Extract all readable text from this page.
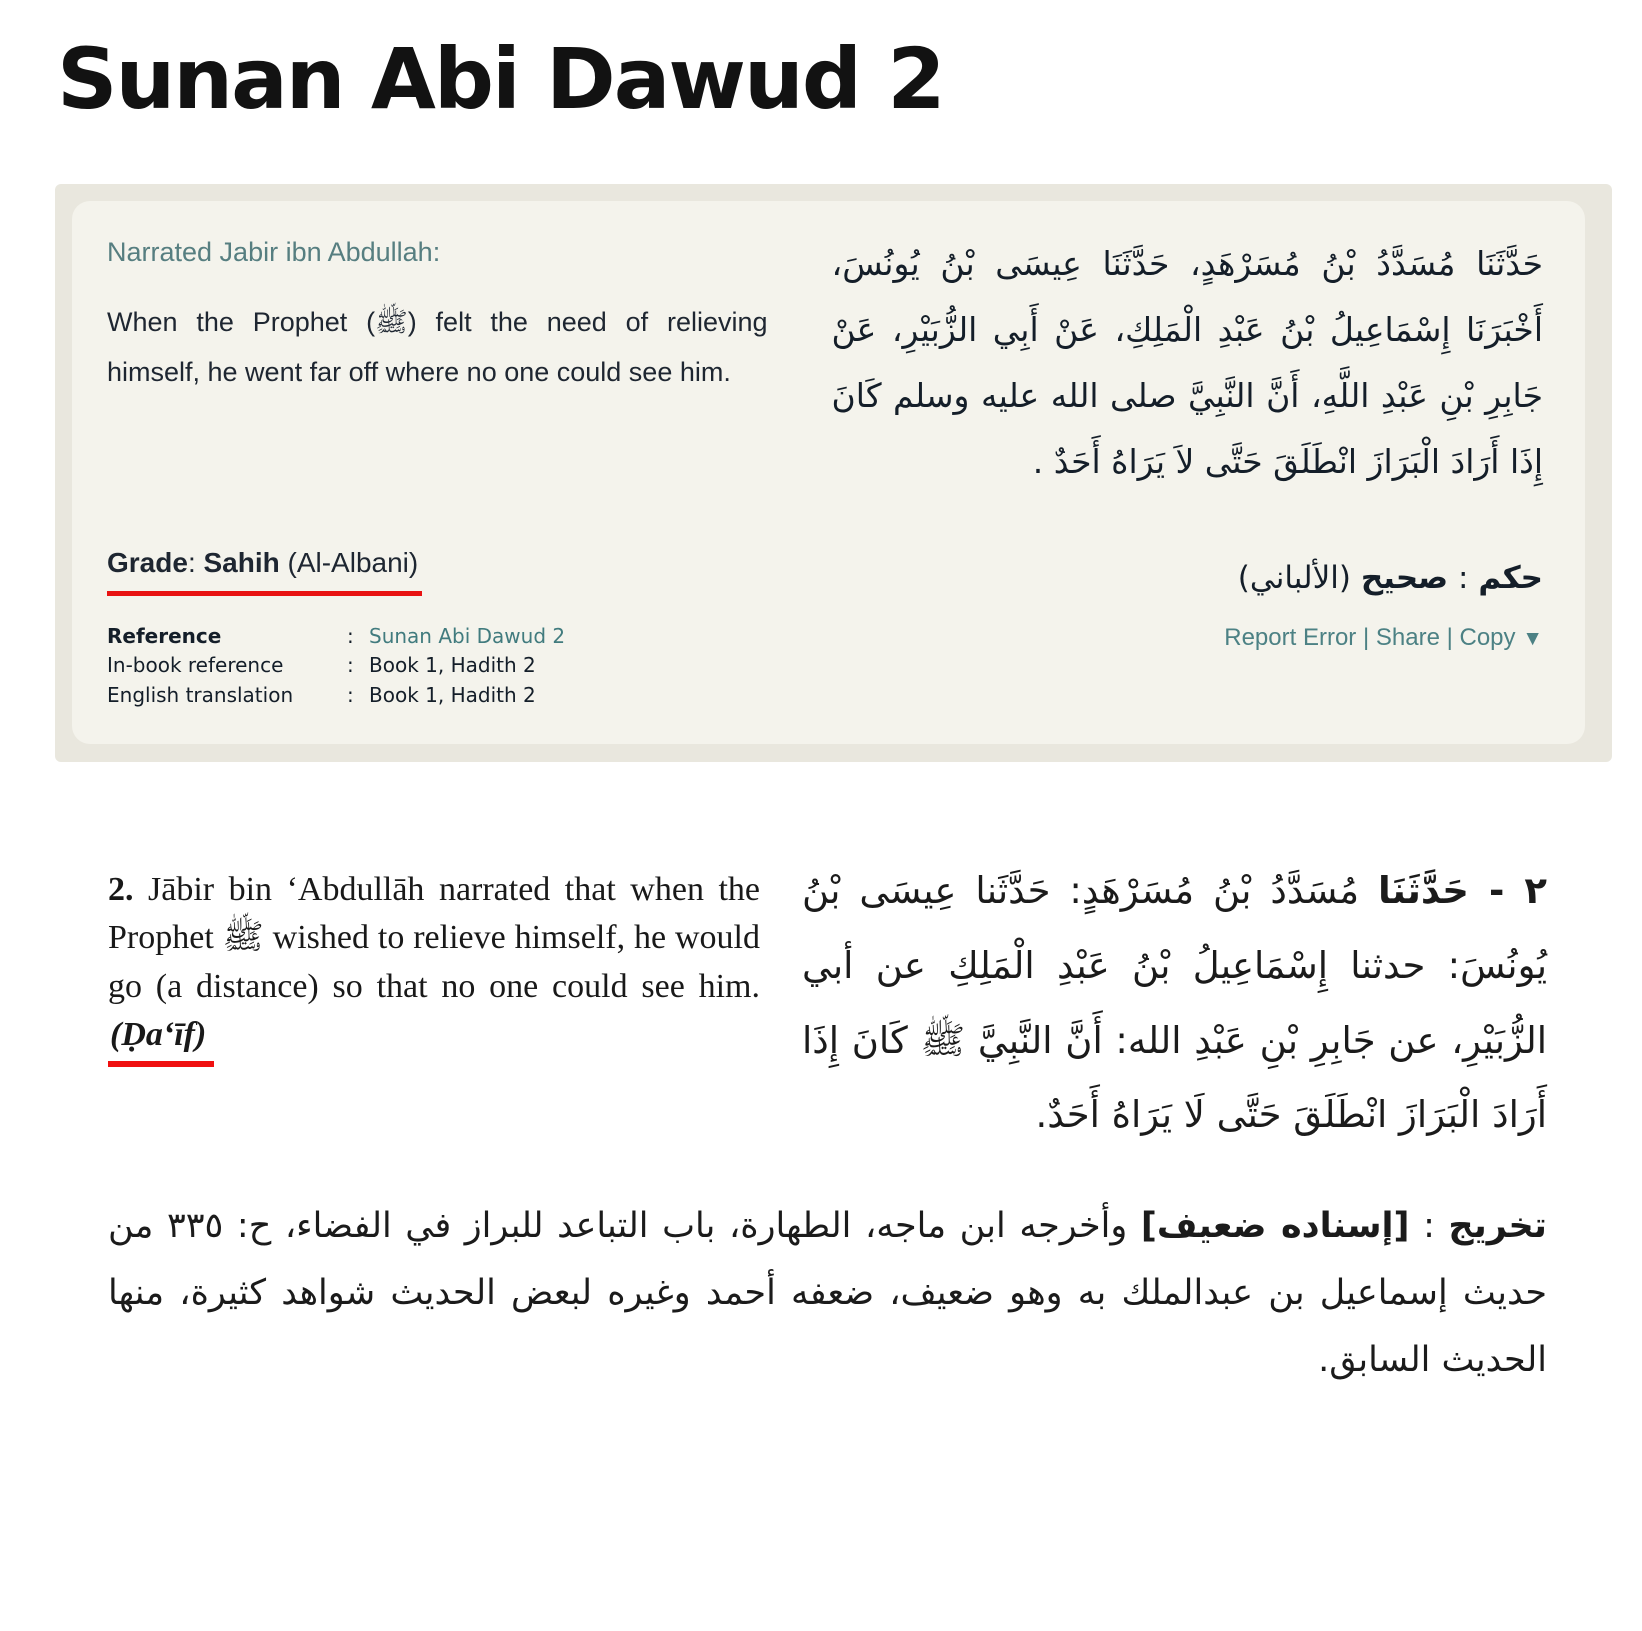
Sunan Abi Dawud 2
Narrated Jabir ibn Abdullah:
When the Prophet (ﷺ) felt the need of relieving himself, he went far off where no one could see him.
حَدَّثَنَا مُسَدَّدُ بْنُ مُسَرْهَدٍ، حَدَّثَنَا عِيسَى بْنُ يُونُسَ، أَخْبَرَنَا إِسْمَاعِيلُ بْنُ عَبْدِ الْمَلِكِ، عَنْ أَبِي الزُّبَيْرِ، عَنْ جَابِرِ بْنِ عَبْدِ اللَّهِ، أَنَّ النَّبِيَّ صلى الله عليه وسلم كَانَ إِذَا أَرَادَ الْبَرَازَ انْطَلَقَ حَتَّى لاَ يَرَاهُ أَحَدٌ .
Grade: Sahih (Al-Albani)	حكم : صحيح (الألباني)
Reference	: Sunan Abi Dawud 2
In-book reference	: Book 1, Hadith 2
English translation	: Book 1, Hadith 2
Report Error | Share | Copy ▼
2. Jābir bin ‘Abdullāh narrated that when the Prophet ﷺ wished to relieve himself, he would go (a distance) so that no one could see him. (Ḍa‘īf)
٢ - حَدَّثَنَا مُسَدَّدُ بْنُ مُسَرْهَدٍ: حَدَّثَنا عِيسَى بْنُ يُونُسَ: حدثنا إِسْمَاعِيلُ بْنُ عَبْدِ الْمَلِكِ عن أبي الزُّبَيْرِ، عن جَابِرِ بْنِ عَبْدِ الله: أَنَّ النَّبِيَّ ﷺ كَانَ إِذَا أَرَادَ الْبَرَازَ انْطَلَقَ حَتَّى لَا يَرَاهُ أَحَدٌ.
تخريج : [إسناده ضعيف] وأخرجه ابن ماجه، الطهارة، باب التباعد للبراز في الفضاء، ح: ٣٣٥ من حديث إسماعيل بن عبدالملك به وهو ضعيف، ضعفه أحمد وغيره لبعض الحديث شواهد كثيرة، منها الحديث السابق.
